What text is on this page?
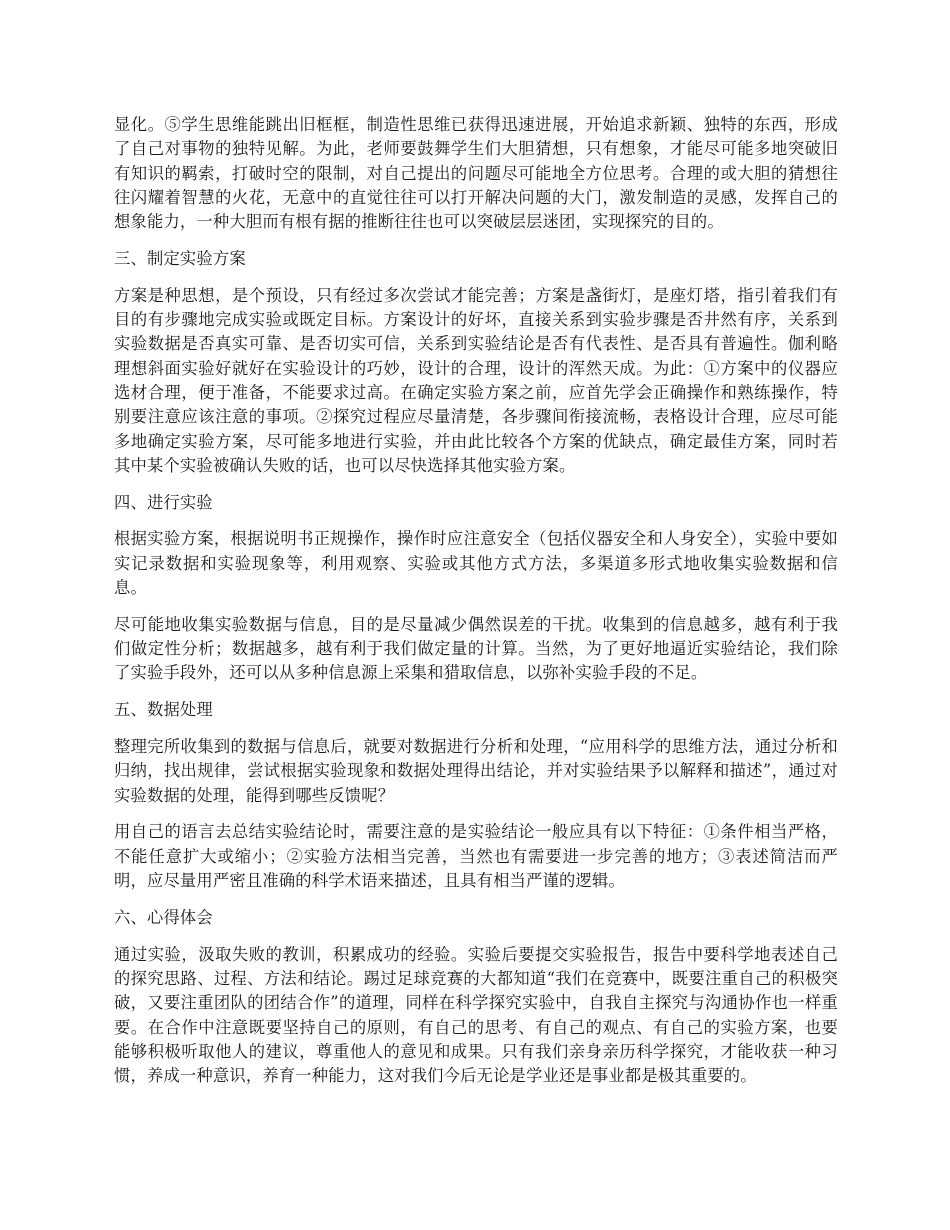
显化。⑤学生思维能跳出旧框框，制造性思维已获得迅速进展，开始追求新颖、独特的东西，形成了自己对事物的独特见解。为此，老师要鼓舞学生们大胆猜想，只有想象，才能尽可能多地突破旧有知识的羁索，打破时空的限制，对自己提出的问题尽可能地全方位思考。合理的或大胆的猜想往往闪耀着智慧的火花，无意中的直觉往往可以打开解决问题的大门，激发制造的灵感，发挥自己的想象能力，一种大胆而有根有据的推断往往也可以突破层层迷团，实现探究的目的。

三、制定实验方案

方案是种思想，是个预设，只有经过多次尝试才能完善；方案是盏街灯，是座灯塔，指引着我们有目的有步骤地完成实验或既定目标。方案设计的好坏，直接关系到实验步骤是否井然有序，关系到实验数据是否真实可靠、是否切实可信，关系到实验结论是否有代表性、是否具有普遍性。伽利略理想斜面实验好就好在实验设计的巧妙，设计的合理，设计的浑然天成。为此：①方案中的仪器应选材合理，便于准备，不能要求过高。在确定实验方案之前，应首先学会正确操作和熟练操作，特别要注意应该注意的事项。②探究过程应尽量清楚，各步骤间衔接流畅，表格设计合理，应尽可能多地确定实验方案，尽可能多地进行实验，并由此比较各个方案的优缺点，确定最佳方案，同时若其中某个实验被确认失败的话，也可以尽快选择其他实验方案。

四、进行实验

根据实验方案，根据说明书正规操作，操作时应注意安全（包括仪器安全和人身安全），实验中要如实记录数据和实验现象等，利用观察、实验或其他方式方法，多渠道多形式地收集实验数据和信息。

尽可能地收集实验数据与信息，目的是尽量减少偶然误差的干扰。收集到的信息越多，越有利于我们做定性分析；数据越多，越有利于我们做定量的计算。当然，为了更好地逼近实验结论，我们除了实验手段外，还可以从多种信息源上采集和猎取信息，以弥补实验手段的不足。

五、数据处理

整理完所收集到的数据与信息后，就要对数据进行分析和处理，“应用科学的思维方法，通过分析和归纳，找出规律，尝试根据实验现象和数据处理得出结论，并对实验结果予以解释和描述”，通过对实验数据的处理，能得到哪些反馈呢？

用自己的语言去总结实验结论时，需要注意的是实验结论一般应具有以下特征：①条件相当严格，不能任意扩大或缩小；②实验方法相当完善，当然也有需要进一步完善的地方；③表述简洁而严明，应尽量用严密且准确的科学术语来描述，且具有相当严谨的逻辑。

六、心得体会

通过实验，汲取失败的教训，积累成功的经验。实验后要提交实验报告，报告中要科学地表述自己的探究思路、过程、方法和结论。踢过足球竞赛的大都知道“我们在竞赛中，既要注重自己的积极突破，又要注重团队的团结合作”的道理，同样在科学探究实验中，自我自主探究与沟通协作也一样重要。在合作中注意既要坚持自己的原则，有自己的思考、有自己的观点、有自己的实验方案，也要能够积极听取他人的建议，尊重他人的意见和成果。只有我们亲身亲历科学探究，才能收获一种习惯，养成一种意识，养育一种能力，这对我们今后无论是学业还是事业都是极其重要的。
